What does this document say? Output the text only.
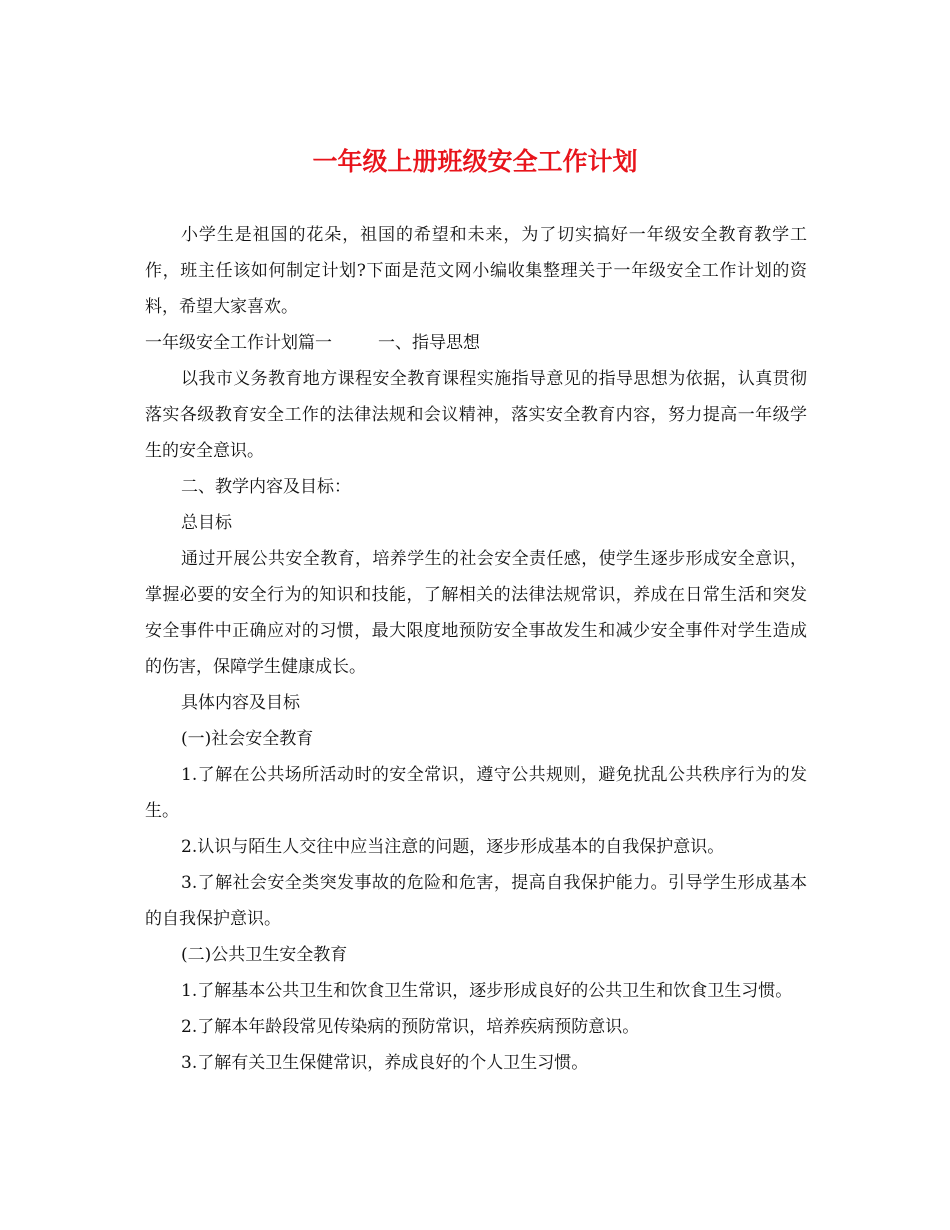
一年级上册班级安全工作计划

小学生是祖国的花朵，祖国的希望和未来，为了切实搞好一年级安全教育教学工作，班主任该如何制定计划?下面是范文网小编收集整理关于一年级安全工作计划的资料，希望大家喜欢。

一年级安全工作计划篇一	一、指导思想

以我市义务教育地方课程安全教育课程实施指导意见的指导思想为依据，认真贯彻落实各级教育安全工作的法律法规和会议精神，落实安全教育内容，努力提高一年级学生的安全意识。

二、教学内容及目标：

总目标

通过开展公共安全教育，培养学生的社会安全责任感，使学生逐步形成安全意识，掌握必要的安全行为的知识和技能，了解相关的法律法规常识，养成在日常生活和突发安全事件中正确应对的习惯，最大限度地预防安全事故发生和减少安全事件对学生造成的伤害，保障学生健康成长。

具体内容及目标

(一)社会安全教育

1.了解在公共场所活动时的安全常识，遵守公共规则，避免扰乱公共秩序行为的发生。

2.认识与陌生人交往中应当注意的问题，逐步形成基本的自我保护意识。

3.了解社会安全类突发事故的危险和危害，提高自我保护能力。引导学生形成基本的自我保护意识。

(二)公共卫生安全教育

1.了解基本公共卫生和饮食卫生常识，逐步形成良好的公共卫生和饮食卫生习惯。

2.了解本年龄段常见传染病的预防常识，培养疾病预防意识。

3.了解有关卫生保健常识，养成良好的个人卫生习惯。
